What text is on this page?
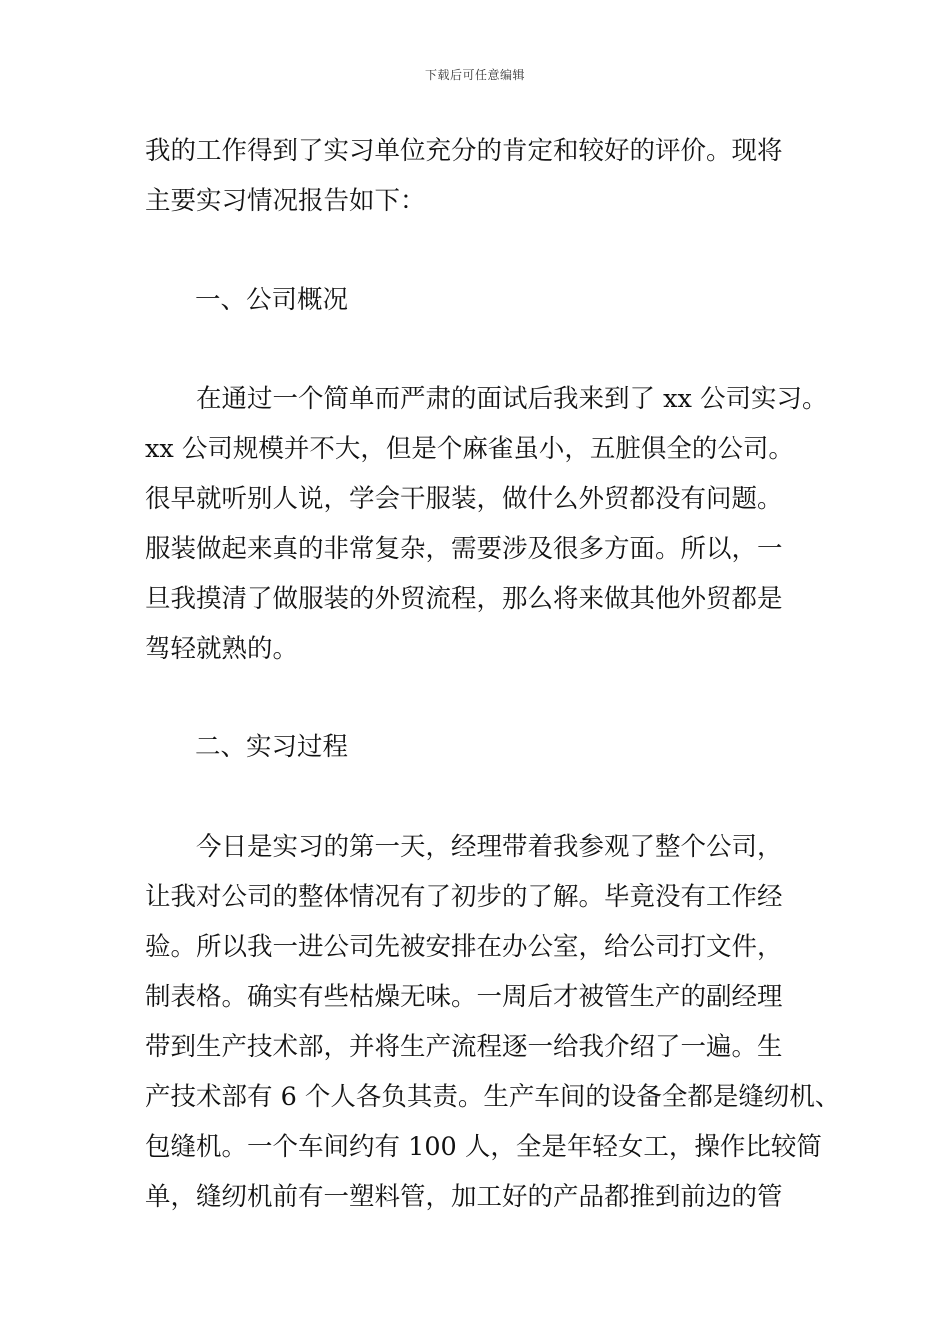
下载后可任意编辑
我的工作得到了实习单位充分的肯定和较好的评价。现将
主要实习情况报告如下：
一、公司概况
　　在通过一个简单而严肃的面试后我来到了 xx 公司实习。
xx 公司规模并不大，但是个麻雀虽小，五脏俱全的公司。
很早就听别人说，学会干服装，做什么外贸都没有问题。
服装做起来真的非常复杂，需要涉及很多方面。所以，一
旦我摸清了做服装的外贸流程，那么将来做其他外贸都是
驾轻就熟的。
二、实习过程
　　今日是实习的第一天，经理带着我参观了整个公司，
让我对公司的整体情况有了初步的了解。毕竟没有工作经
验。所以我一进公司先被安排在办公室，给公司打文件，
制表格。确实有些枯燥无味。一周后才被管生产的副经理
带到生产技术部，并将生产流程逐一给我介绍了一遍。生
产技术部有 6 个人各负其责。生产车间的设备全都是缝纫机、
包缝机。一个车间约有 100 人，全是年轻女工，操作比较简
单，缝纫机前有一塑料管，加工好的产品都推到前边的管
